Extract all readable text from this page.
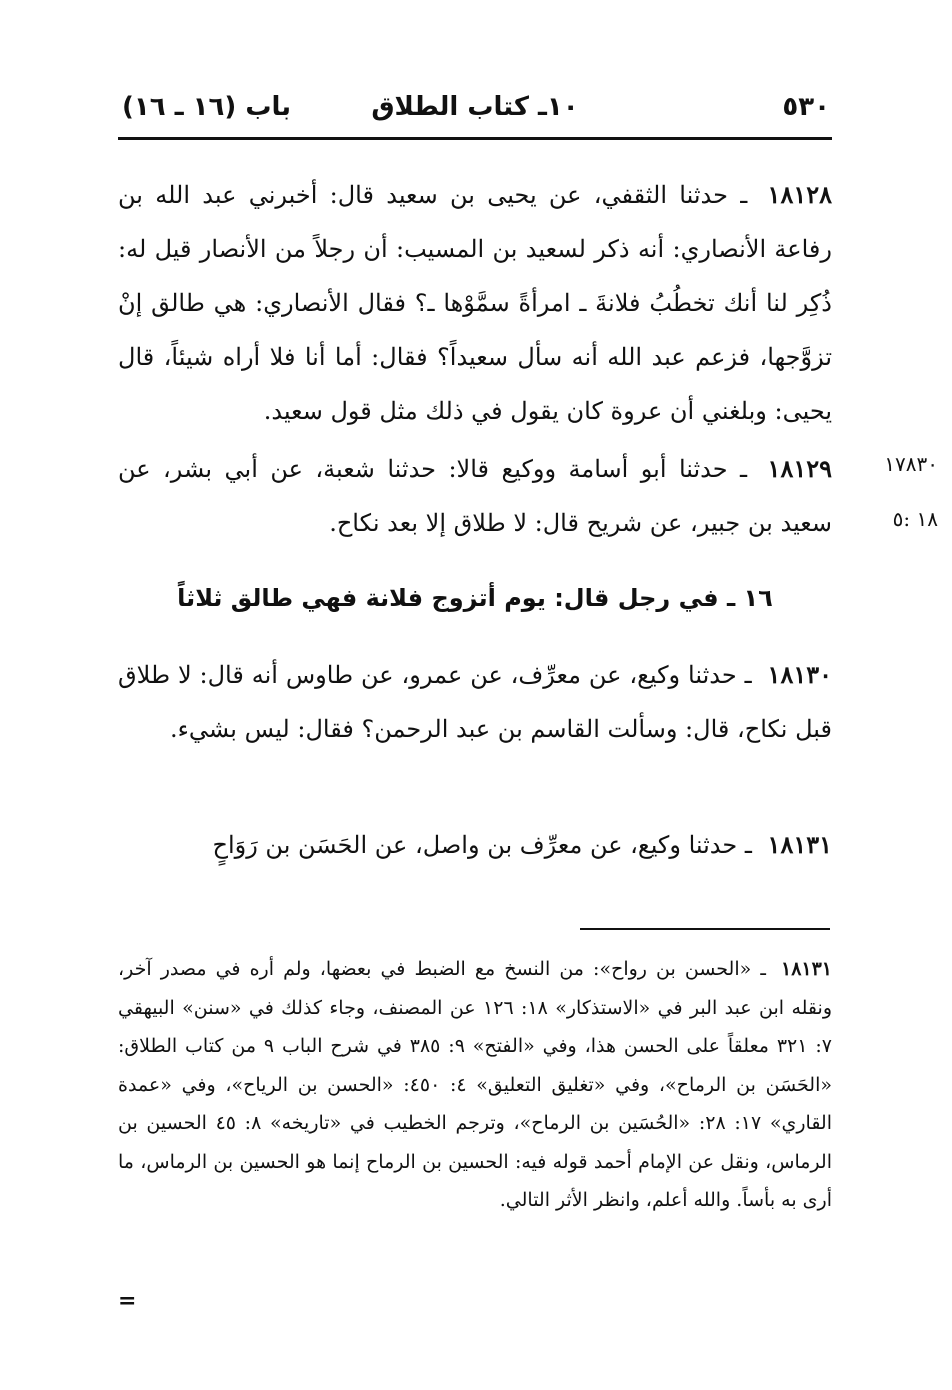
٥٣٠
١٠ـ كتاب الطلاق
باب (١٦ ـ ١٦)

١٨١٢٨ ـ حدثنا الثقفي، عن يحيى بن سعيد قال: أخبرني عبد الله بن رفاعة الأنصاري: أنه ذكر لسعيد بن المسيب: أن رجلاً من الأنصار قيل له: ذُكِر لنا أنك تخطُبُ فلانةَ ـ امرأةً سمَّوْها ـ؟ فقال الأنصاري: هي طالق إنْ تزوَّجها، فزعم عبد الله أنه سأل سعيداً؟ فقال: أما أنا فلا أراه شيئاً، قال يحيى: وبلغني أن عروة كان يقول في ذلك مثل قول سعيد.

١٨١٢٩ ـ حدثنا أبو أسامة ووكيع قالا: حدثنا شعبة، عن أبي بشر، عن سعيد بن جبير، عن شريح قال: لا طلاق إلا بعد نكاح.

١٧٨٣٠
١٨ :٥
١٦ ـ في رجل قال: يوم أتزوج فلانة فهي طالق ثلاثاً

١٨١٣٠ ـ حدثنا وكيع، عن معرِّف، عن عمرو، عن طاوس أنه قال: لا طلاق قبل نكاح، قال: وسألت القاسم بن عبد الرحمن؟ فقال: ليس بشيء.

١٨١٣١ ـ حدثنا وكيع، عن معرِّف بن واصل، عن الحَسَن بن رَوَاحٍ

١٨١٣١ ـ «الحسن بن رواح»: من النسخ مع الضبط في بعضها، ولم أره في مصدر آخر، ونقله ابن عبد البر في «الاستذكار» ١٨: ١٢٦ عن المصنف، وجاء كذلك في «سنن» البيهقي ٧: ٣٢١ معلقاً على الحسن هذا، وفي «الفتح» ٩: ٣٨٥ في شرح الباب ٩ من كتاب الطلاق: «الحَسَن بن الرماح»، وفي «تغليق التعليق» ٤: ٤٥٠: «الحسن بن الرياح»، وفي «عمدة القاري» ١٧: ٢٨: «الحُسَين بن الرماح»، وترجم الخطيب في «تاريخه» ٨: ٤٥ الحسين بن الرماس، ونقل عن الإمام أحمد قوله فيه: الحسين بن الرماح إنما هو الحسين بن الرماس، ما أرى به بأساً. والله أعلم، وانظر الأثر التالي.
=
